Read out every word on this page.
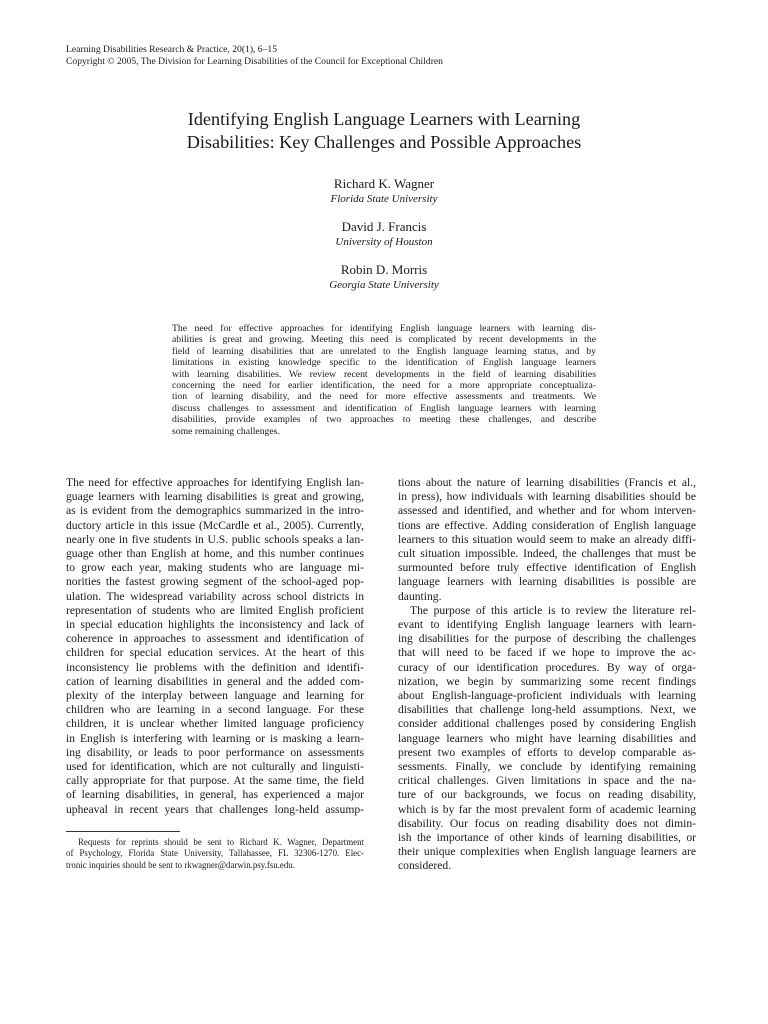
Learning Disabilities Research & Practice, 20(1), 6–15
Copyright © 2005, The Division for Learning Disabilities of the Council for Exceptional Children
Identifying English Language Learners with Learning
Disabilities: Key Challenges and Possible Approaches
Richard K. Wagner
Florida State University
David J. Francis
University of Houston
Robin D. Morris
Georgia State University
The need for effective approaches for identifying English language learners with learning dis-
abilities is great and growing. Meeting this need is complicated by recent developments in the
field of learning disabilities that are unrelated to the English language learning status, and by
limitations in existing knowledge specific to the identification of English language learners
with learning disabilities. We review recent developments in the field of learning disabilities
concerning the need for earlier identification, the need for a more appropriate conceptualiza-
tion of learning disability, and the need for more effective assessments and treatments. We
discuss challenges to assessment and identification of English language learners with learning
disabilities, provide examples of two approaches to meeting these challenges, and describe
some remaining challenges.
The need for effective approaches for identifying English lan-
guage learners with learning disabilities is great and growing,
as is evident from the demographics summarized in the intro-
ductory article in this issue (McCardle et al., 2005). Currently,
nearly one in five students in U.S. public schools speaks a lan-
guage other than English at home, and this number continues
to grow each year, making students who are language mi-
norities the fastest growing segment of the school-aged pop-
ulation. The widespread variability across school districts in
representation of students who are limited English proficient
in special education highlights the inconsistency and lack of
coherence in approaches to assessment and identification of
children for special education services. At the heart of this
inconsistency lie problems with the definition and identifi-
cation of learning disabilities in general and the added com-
plexity of the interplay between language and learning for
children who are learning in a second language. For these
children, it is unclear whether limited language proficiency
in English is interfering with learning or is masking a learn-
ing disability, or leads to poor performance on assessments
used for identification, which are not culturally and linguisti-
cally appropriate for that purpose. At the same time, the field
of learning disabilities, in general, has experienced a major
upheaval in recent years that challenges long-held assump-
tions about the nature of learning disabilities (Francis et al.,
in press), how individuals with learning disabilities should be
assessed and identified, and whether and for whom interven-
tions are effective. Adding consideration of English language
learners to this situation would seem to make an already diffi-
cult situation impossible. Indeed, the challenges that must be
surmounted before truly effective identification of English
language learners with learning disabilities is possible are
daunting.
The purpose of this article is to review the literature rel-
evant to identifying English language learners with learn-
ing disabilities for the purpose of describing the challenges
that will need to be faced if we hope to improve the ac-
curacy of our identification procedures. By way of orga-
nization, we begin by summarizing some recent findings
about English-language-proficient individuals with learning
disabilities that challenge long-held assumptions. Next, we
consider additional challenges posed by considering English
language learners who might have learning disabilities and
present two examples of efforts to develop comparable as-
sessments. Finally, we conclude by identifying remaining
critical challenges. Given limitations in space and the na-
ture of our backgrounds, we focus on reading disability,
which is by far the most prevalent form of academic learning
disability. Our focus on reading disability does not dimin-
ish the importance of other kinds of learning disabilities, or
their unique complexities when English language learners are
considered.
Requests for reprints should be sent to Richard K. Wagner, Department
of Psychology, Florida State University, Tallahassee, FL 32306-1270. Elec-
tronic inquiries should be sent to rkwagner@darwin.psy.fsu.edu.
